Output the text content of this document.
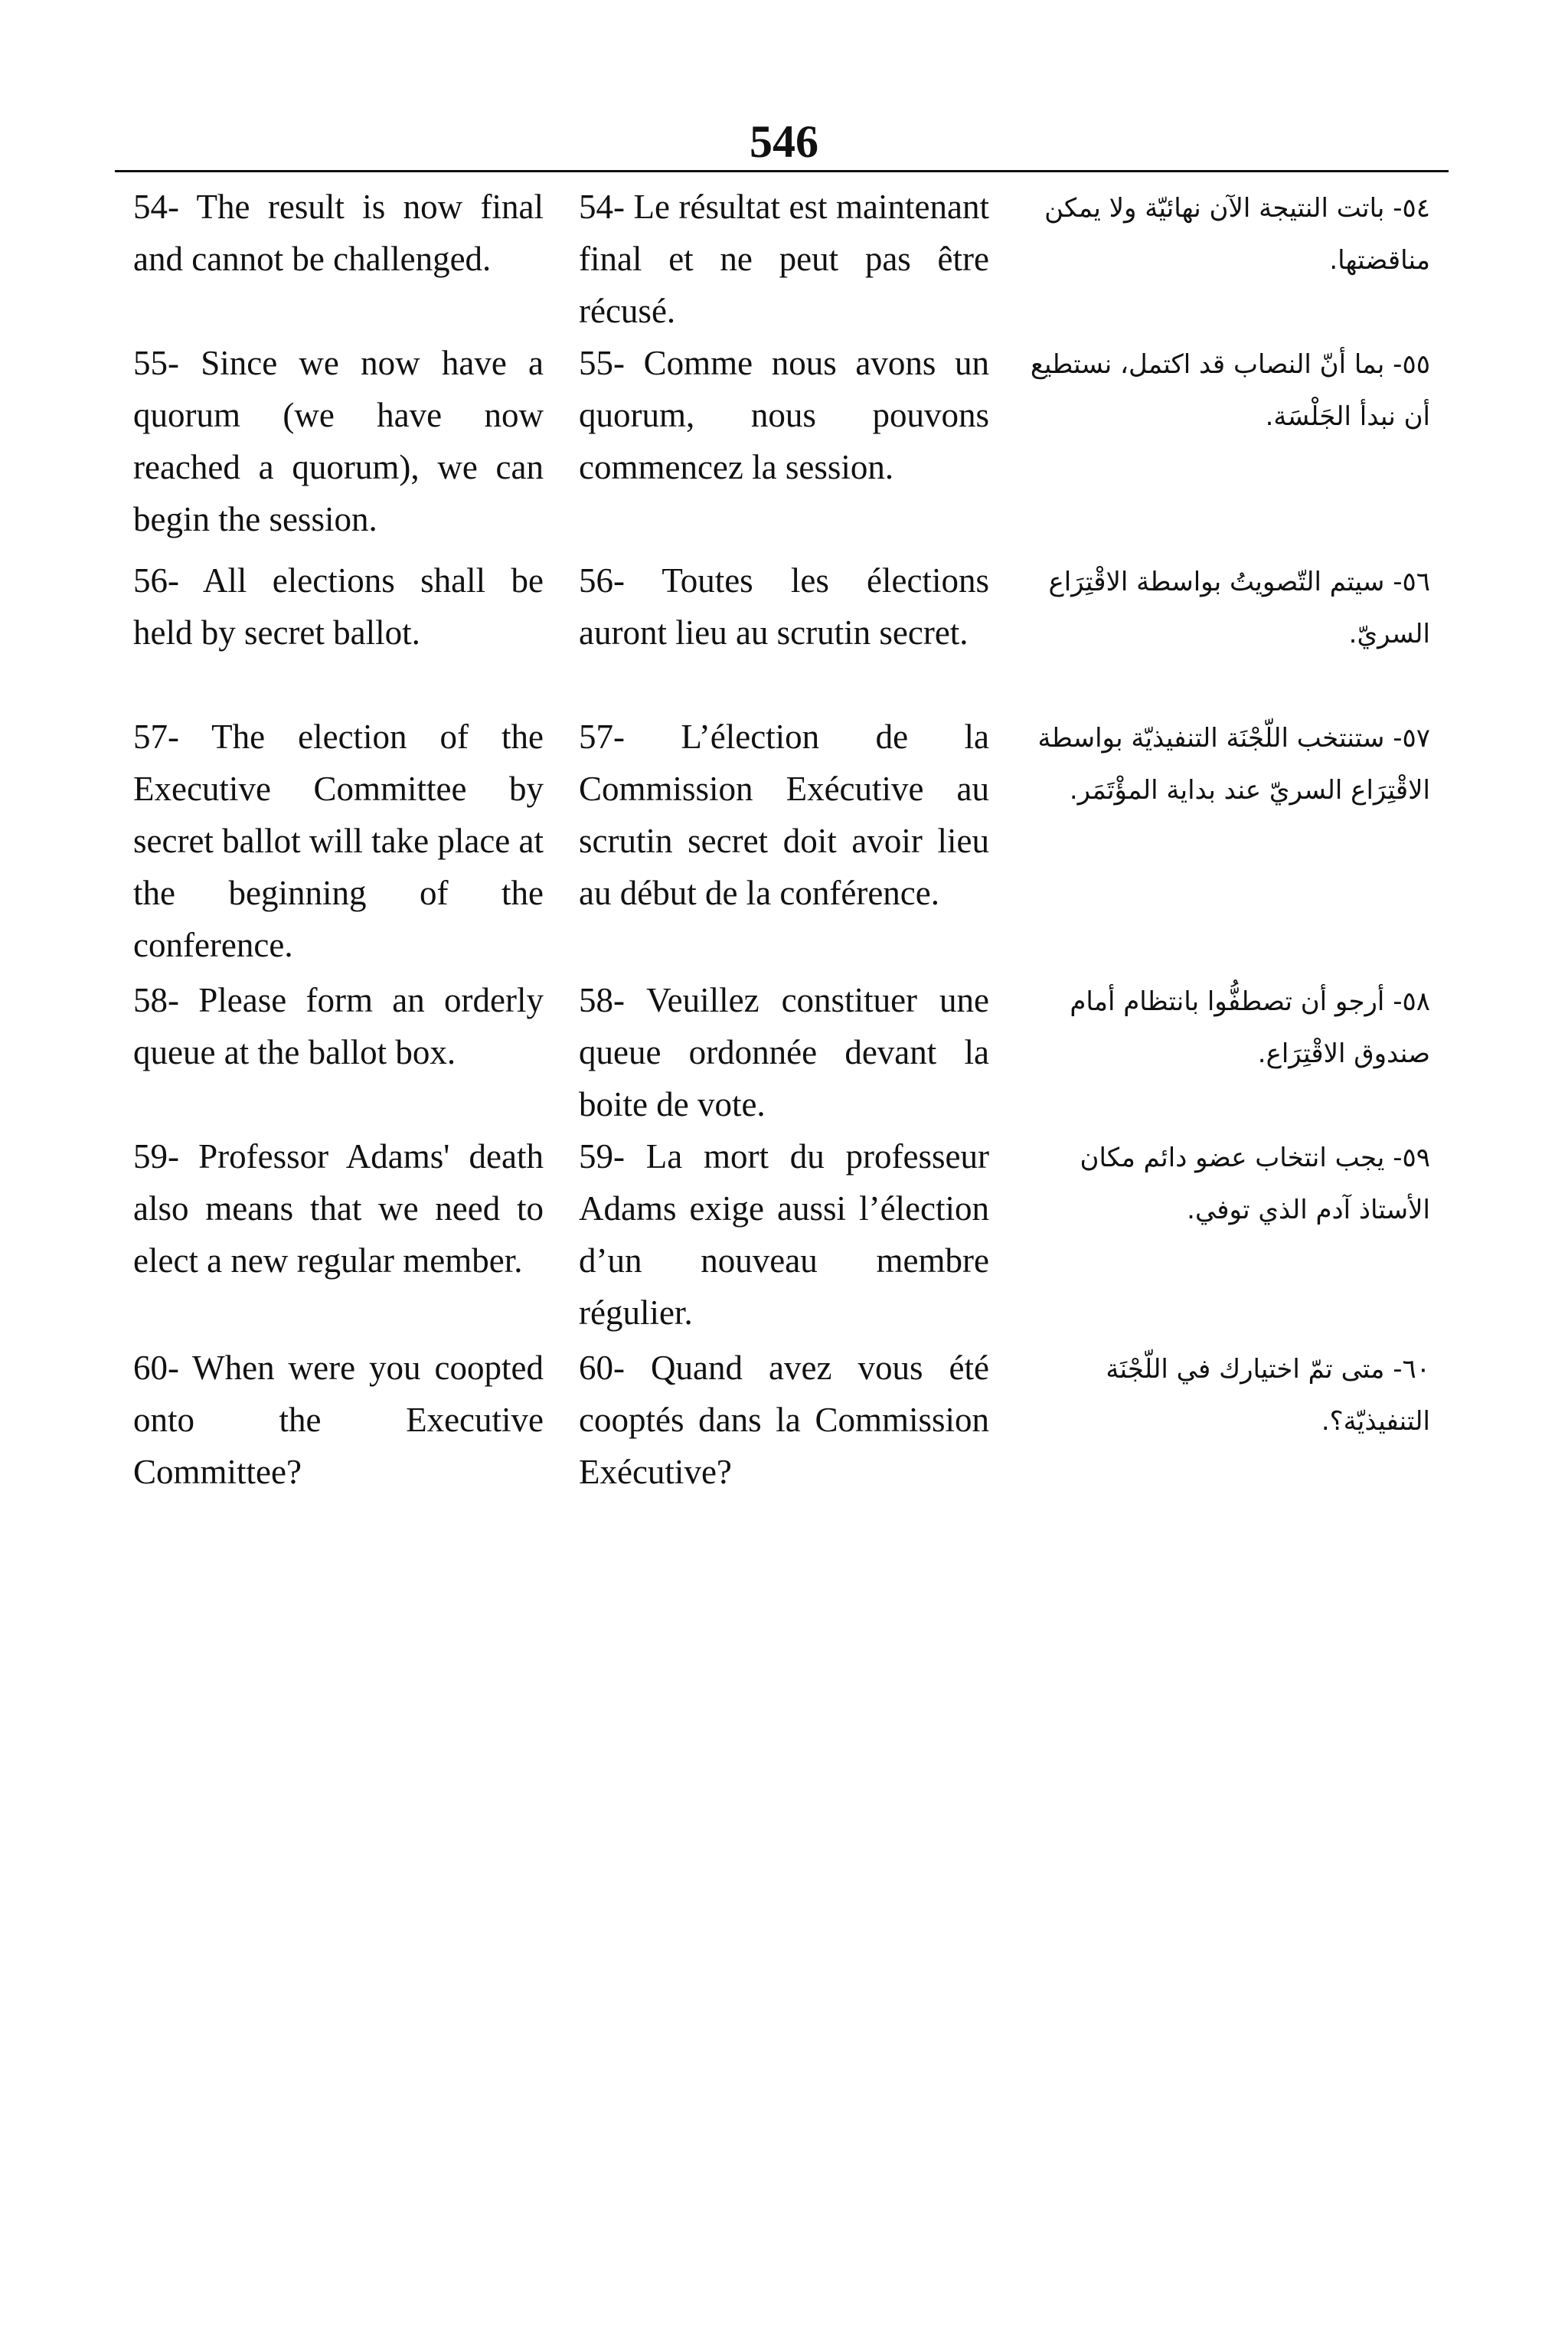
546
54- The result is now final and cannot be challenged.
54- Le résultat est maintenant final et ne peut pas être récusé.
٥٤- باتت النتيجة الآن نهائيّة ولا يمكن مناقضتها.
55- Since we now have a quorum (we have now reached a quorum), we can begin the session.
55- Comme nous avons un quorum, nous pouvons commencez la session.
٥٥- بما أنّ النصاب قد اكتمل، نستطيع أن نبدأ الجَلْسَة.
56- All elections shall be held by secret ballot.
56- Toutes les élections auront lieu au scrutin secret.
٥٦- سيتم التّصويتُ بواسطة الاقْتِرَاع السريّ.
57- The election of the Executive Committee by secret ballot will take place at the beginning of the conference.
57- L’élection de la Commission Exécutive au scrutin secret doit avoir lieu au début de la conférence.
٥٧- ستنتخب اللّجْنَة التنفيذيّة بواسطة الاقْتِرَاع السريّ عند بداية المؤْتَمَر.
58- Please form an orderly queue at the ballot box.
58- Veuillez constituer une queue ordonnée devant la boite de vote.
٥٨- أرجو أن تصطفُّوا بانتظام أمام صندوق الاقْتِرَاع.
59- Professor Adams' death also means that we need to elect a new regular member.
59- La mort du professeur Adams exige aussi l’élection d’un nouveau membre régulier.
٥٩- يجب انتخاب عضو دائم مكان الأستاذ آدم الذي توفي.
60- When were you coopted onto the Executive Committee?
60- Quand avez vous été cooptés dans la Commission Exécutive?
٦٠- متى تمّ اختيارك في اللّجْنَة التنفيذيّة؟.
